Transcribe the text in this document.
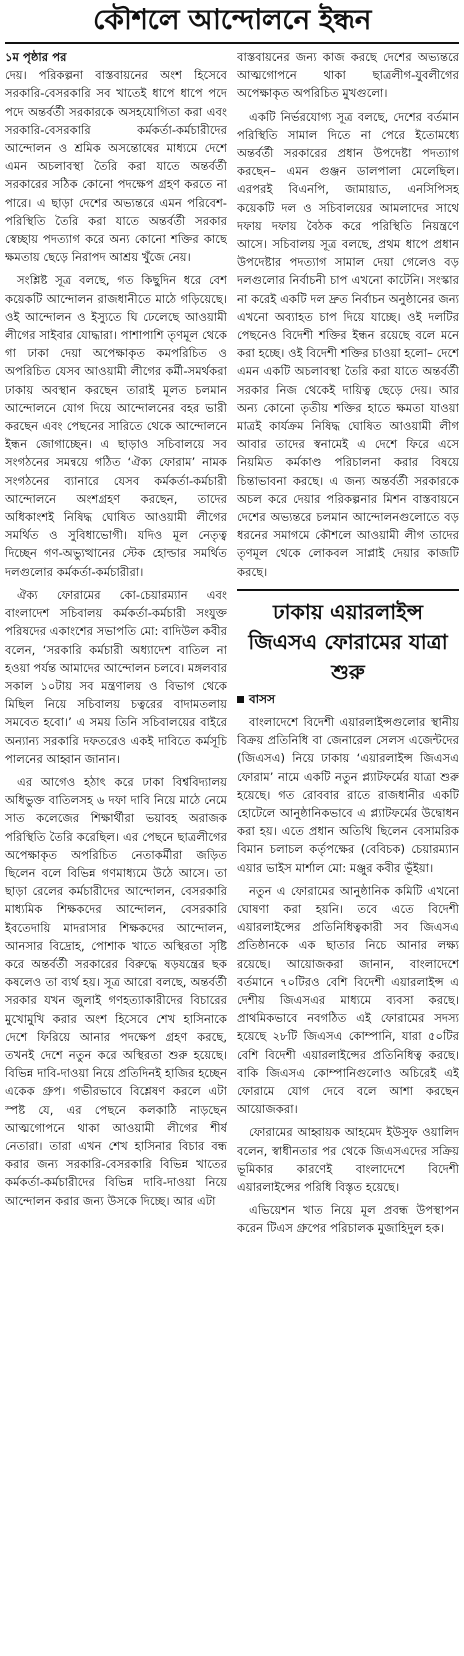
কৌশলে আন্দোলনে ইন্ধন

১ম পৃষ্ঠার পর
দেয়। পরিকল্পনা বাস্তবায়নের অংশ হিসেবে সরকারি-বেসরকারি সব খাতেই ধাপে ধাপে পদে পদে অন্তর্বর্তী সরকারকে অসহযোগিতা করা এবং সরকারি-বেসরকারি কর্মকর্তা-কর্মচারীদের আন্দোলন ও শ্রমিক অসন্তোষের মাধ্যমে দেশে এমন অচলাবস্থা তৈরি করা যাতে অন্তর্বর্তী সরকারের সঠিক কোনো পদক্ষেপ গ্রহণ করতে না পারে। এ ছাড়া দেশের অভ্যন্তরে এমন পরিবেশ-পরিস্থিতি তৈরি করা যাতে অন্তর্বর্তী সরকার স্বেচ্ছায় পদত্যাগ করে অন্য কোনো শক্তির কাছে ক্ষমতায় ছেড়ে নিরাপদ আশ্রয় খুঁজে নেয়।

সংশ্লিষ্ট সূত্র বলছে, গত কিছুদিন ধরে বেশ কয়েকটি আন্দোলন রাজধানীতে মাঠে গড়িয়েছে। ওই আন্দোলন ও ইস্যুতে ঘি ঢেলেছে আওয়ামী লীগের সাইবার যোদ্ধারা। পাশাপাশি তৃণমূল থেকে গা ঢাকা দেয়া অপেক্ষাকৃত কমপরিচিত ও অপরিচিত যেসব আওয়ামী লীগের কর্মী-সমর্থকরা ঢাকায় অবস্থান করছেন তারাই মূলত চলমান আন্দোলনে যোগ দিয়ে আন্দোলনের বহর ভারী করছেন এবং পেছনের সারিতে থেকে আন্দোলনে ইন্ধন জোগাচ্ছেন। এ ছাড়াও সচিবালয়ে সব সংগঠনের সমন্বয়ে গঠিত ‘ঐক্য ফোরাম’ নামক সংগঠনের ব্যানারে যেসব কর্মকর্তা-কর্মচারী আন্দোলনে অংশগ্রহণ করছেন, তাদের অধিকাংশই নিষিদ্ধ ঘোষিত আওয়ামী লীগের সমর্থিত ও সুবিধাভোগী। যদিও মূল নেতৃত্ব দিচ্ছেন গণ-অভ্যুত্থানের স্টেক হোল্ডার সমর্থিত দলগুলোর কর্মকর্তা-কর্মচারীরা।

ঐক্য ফোরামের কো-চেয়ারম্যান এবং বাংলাদেশ সচিবালয় কর্মকর্তা-কর্মচারী সংযুক্ত পরিষদের একাংশের সভাপতি মো: বাদিউল কবীর বলেন, ‘সরকারি কর্মচারী অধ্যাদেশ বাতিল না হওয়া পর্যন্ত আমাদের আন্দোলন চলবে। মঙ্গলবার সকাল ১০টায় সব মন্ত্রণালয় ও বিভাগ থেকে মিছিল নিয়ে সচিবালয় চত্বরের বাদামতলায় সমবেত হবো।’ এ সময় তিনি সচিবালয়ের বাইরে অন্যান্য সরকারি দফতরেও একই দাবিতে কর্মসূচি পালনের আহ্বান জানান।

এর আগেও হঠাৎ করে ঢাকা বিশ্ববিদ্যালয় অধিভুক্ত বাতিলসহ ৬ দফা দাবি নিয়ে মাঠে নেমে সাত কলেজের শিক্ষার্থীরা ভয়াবহ অরাজক পরিস্থিতি তৈরি করেছিল। এর পেছনে ছাত্রলীগের অপেক্ষাকৃত অপরিচিত নেতাকর্মীরা জড়িত ছিলেন বলে বিভিন্ন গণমাধ্যমে উঠে আসে। তা ছাড়া রেলের কর্মচারীদের আন্দোলন, বেসরকারি মাধ্যমিক শিক্ষকদের আন্দোলন, বেসরকারি ইবতেদায়ি মাদরাসার শিক্ষকদের আন্দোলন, আনসার বিদ্রোহ, পোশাক খাতে অস্থিরতা সৃষ্টি করে অন্তর্বর্তী সরকারের বিরুদ্ধে ষড়যন্ত্রের ছক কষলেও তা ব্যর্থ হয়। সূত্র আরো বলছে, অন্তর্বর্তী সরকার যখন জুলাই গণহত্যাকারীদের বিচারের মুখোমুখি করার অংশ হিসেবে শেখ হাসিনাকে দেশে ফিরিয়ে আনার পদক্ষেপ গ্রহণ করছে, তখনই দেশে নতুন করে অস্থিরতা শুরু হয়েছে। বিভিন্ন দাবি-দাওয়া নিয়ে প্রতিদিনই হাজির হচ্ছেন একেক গ্রুপ। গভীরভাবে বিশ্লেষণ করলে এটা স্পষ্ট যে, এর পেছনে কলকাঠি নাড়ছেন আত্মগোপনে থাকা আওয়ামী লীগের শীর্ষ নেতারা। তারা এখন শেখ হাসিনার বিচার বন্ধ করার জন্য সরকারি-বেসরকারি বিভিন্ন খাতের কর্মকর্তা-কর্মচারীদের বিভিন্ন দাবি-দাওয়া নিয়ে আন্দোলন করার জন্য উসকে দিচ্ছে। আর এটা

বাস্তবায়নের জন্য কাজ করছে দেশের অভ্যন্তরে আত্মগোপনে থাকা ছাত্রলীগ-যুবলীগের অপেক্ষাকৃত অপরিচিত মুখগুলো।

একটি নির্ভরযোগ্য সূত্র বলছে, দেশের বর্তমান পরিস্থিতি সামাল দিতে না পেরে ইতোমধ্যে অন্তর্বর্তী সরকারের প্রধান উপদেষ্টা পদত্যাগ করছেন– এমন গুঞ্জন ডালপালা মেলেছিল। এরপরই বিএনপি, জামায়াত, এনসিপিসহ কয়েকটি দল ও সচিবালয়ের আমলাদের সাথে দফায় দফায় বৈঠক করে পরিস্থিতি নিয়ন্ত্রণে আসে। সচিবালয় সূত্র বলছে, প্রথম ধাপে প্রধান উপদেষ্টার পদত্যাগ সামাল দেয়া গেলেও বড় দলগুলোর নির্বাচনী চাপ এখনো কাটেনি। সংস্কার না করেই একটি দল দ্রুত নির্বাচন অনুষ্ঠানের জন্য এখনো অব্যাহত চাপ দিয়ে যাচ্ছে। ওই দলটির পেছনেও বিদেশী শক্তির ইন্ধন রয়েছে বলে মনে করা হচ্ছে। ওই বিদেশী শক্তির চাওয়া হলো– দেশে এমন একটি অচলাবস্থা তৈরি করা যাতে অন্তর্বর্তী সরকার নিজ থেকেই দায়িত্ব ছেড়ে দেয়। আর অন্য কোনো তৃতীয় শক্তির হাতে ক্ষমতা যাওয়া মাত্রই কার্যক্রম নিষিদ্ধ ঘোষিত আওয়ামী লীগ আবার তাদের স্বনামেই এ দেশে ফিরে এসে নিয়মিত কর্মকাণ্ড পরিচালনা করার বিষয়ে চিন্তাভাবনা করছে। এ জন্য অন্তর্বর্তী সরকারকে অচল করে দেয়ার পরিকল্পনার মিশন বাস্তবায়নে দেশের অভ্যন্তরে চলমান আন্দোলনগুলোতে বড় ধরনের সমাগমে কৌশলে আওয়ামী লীগ তাদের তৃণমূল থেকে লোকবল সাপ্লাই দেয়ার কাজটি করছে।

ঢাকায় এয়ারলাইন্স জিএসএ ফোরামের যাত্রা শুরু
বাসস

বাংলাদেশে বিদেশী এয়ারলাইন্সগুলোর স্থানীয় বিক্রয় প্রতিনিধি বা জেনারেল সেলস এজেন্টদের (জিএসএ) নিয়ে ঢাকায় ‘এয়ারলাইন্স জিএসএ ফোরাম’ নামে একটি নতুন প্ল্যাটফর্মের যাত্রা শুরু হয়েছে। গত রোববার রাতে রাজধানীর একটি হোটেলে আনুষ্ঠানিকভাবে এ প্ল্যাটফর্মের উদ্বোধন করা হয়। এতে প্রধান অতিথি ছিলেন বেসামরিক বিমান চলাচল কর্তৃপক্ষের (বেবিচক) চেয়ারম্যান এয়ার ভাইস মার্শাল মো: মঞ্জুর কবীর ভূঁইয়া।

নতুন এ ফোরামের আনুষ্ঠানিক কমিটি এখনো ঘোষণা করা হয়নি। তবে এতে বিদেশী এয়ারলাইন্সের প্রতিনিধিত্বকারী সব জিএসএ প্রতিষ্ঠানকে এক ছাতার নিচে আনার লক্ষ্য রয়েছে। আয়োজকরা জানান, বাংলাদেশে বর্তমানে ৭০টিরও বেশি বিদেশী এয়ারলাইন্স এ দেশীয় জিএসএর মাধ্যমে ব্যবসা করছে। প্রাথমিকভাবে নবগঠিত এই ফোরামের সদস্য হয়েছে ২৮টি জিএসএ কোম্পানি, যারা ৫০টির বেশি বিদেশী এয়ারলাইন্সের প্রতিনিধিত্ব করছে। বাকি জিএসএ কোম্পানিগুলোও অচিরেই এই ফোরামে যোগ দেবে বলে আশা করছেন আয়োজকরা।

ফোরামের আহ্বায়ক আহমেদ ইউসুফ ওয়ালিদ বলেন, স্বাধীনতার পর থেকে জিএসএদের সক্রিয় ভূমিকার কারণেই বাংলাদেশে বিদেশী এয়ারলাইন্সের পরিধি বিস্তৃত হয়েছে।

এভিয়েশন খাত নিয়ে মূল প্রবন্ধ উপস্থাপন করেন টিএস গ্রুপের পরিচালক মুজাহিদুল হক।
